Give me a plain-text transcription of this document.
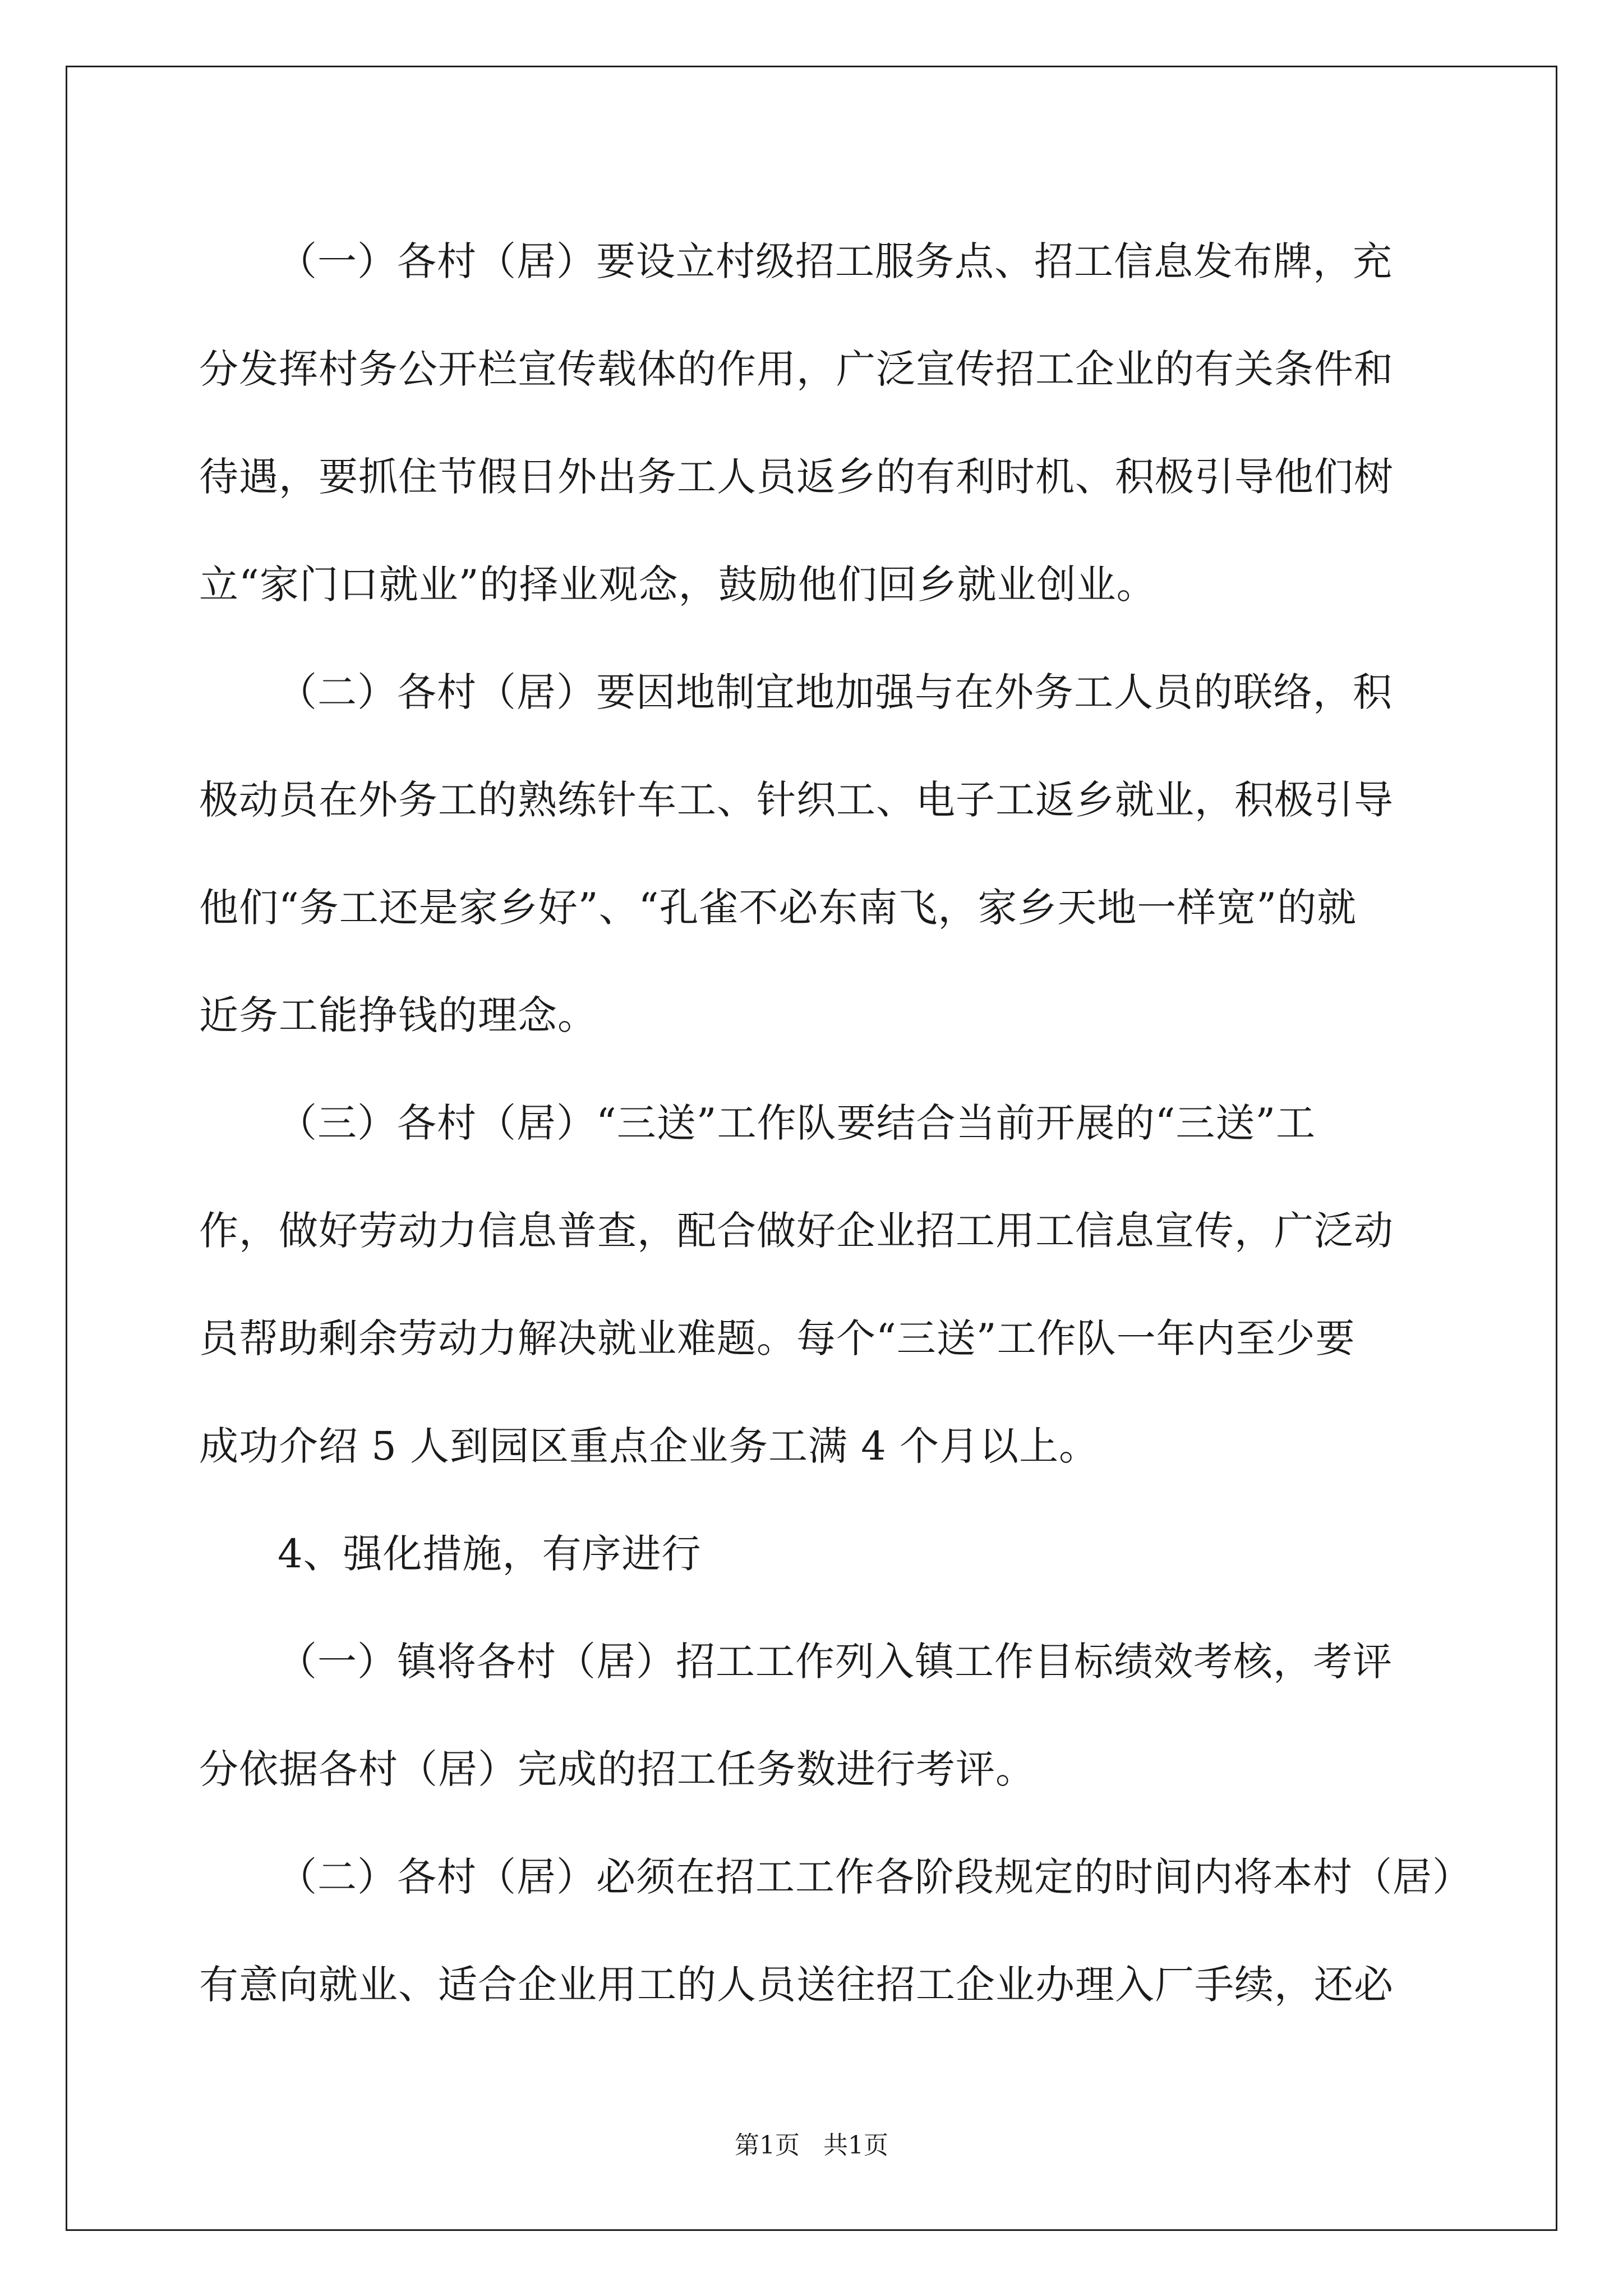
（一）各村（居）要设立村级招工服务点、招工信息发布牌，充
分发挥村务公开栏宣传载体的作用，广泛宣传招工企业的有关条件和
待遇，要抓住节假日外出务工人员返乡的有利时机、积极引导他们树
立“家门口就业”的择业观念，鼓励他们回乡就业创业。
（二）各村（居）要因地制宜地加强与在外务工人员的联络，积
极动员在外务工的熟练针车工、针织工、电子工返乡就业，积极引导
他们“务工还是家乡好”、“孔雀不必东南飞，家乡天地一样宽”的就
近务工能挣钱的理念。
（三）各村（居）“三送”工作队要结合当前开展的“三送”工
作，做好劳动力信息普查，配合做好企业招工用工信息宣传，广泛动
员帮助剩余劳动力解决就业难题。每个“三送”工作队一年内至少要
成功介绍 5 人到园区重点企业务工满 4 个月以上。
4、强化措施，有序进行
（一）镇将各村（居）招工工作列入镇工作目标绩效考核，考评
分依据各村（居）完成的招工任务数进行考评。
（二）各村（居）必须在招工工作各阶段规定的时间内将本村（居）
有意向就业、适合企业用工的人员送往招工企业办理入厂手续，还必
第1页   共1页
